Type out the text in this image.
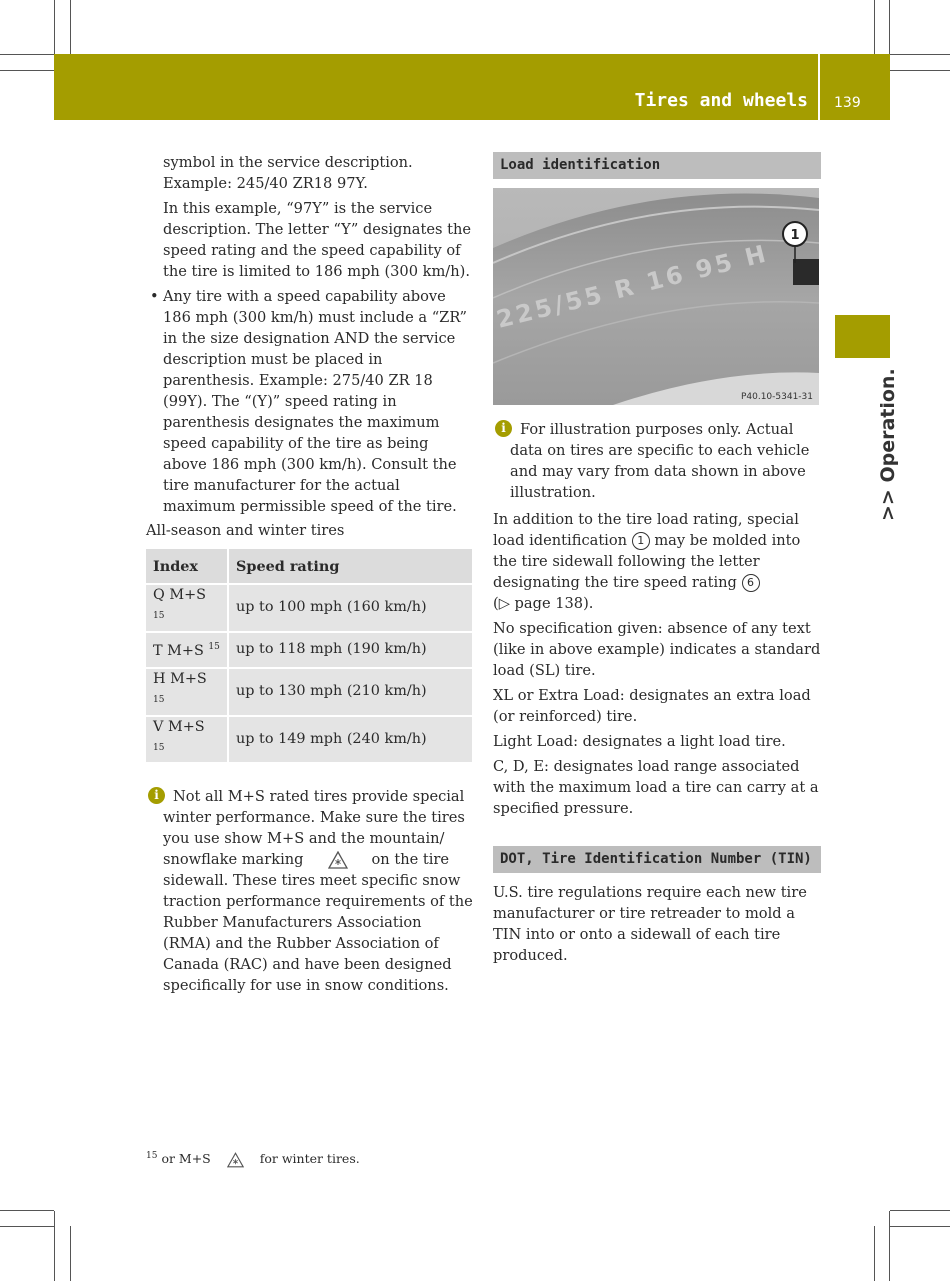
Tires and wheels 139
>> Operation.

symbol in the service description.

Example: 245/40 ZR18 97Y.

In this example, “97Y” is the service description. The letter “Y” designates the speed rating and the speed capability of the tire is limited to 186 mph (300 km/h).

• Any tire with a speed capability above 186 mph (300 km/h) must include a “ZR” in the size designation AND the service description must be placed in parenthesis. Example: 275/40 ZR 18 (99Y). The “(Y)” speed rating in parenthesis designates the maximum speed capability of the tire as being above 186 mph (300 km/h). Consult the tire manufacturer for the actual maximum permissible speed of the tire.

All-season and winter tires

Index	Speed rating
Q M+S $^{15}$	up to 100 mph (160 km/h)
T M+S $^{15}$	up to 118 mph (190 km/h)
H M+S $^{15}$	up to 130 mph (210 km/h)
V M+S $^{15}$	up to 149 mph (240 km/h)
i Not all M+S rated tires provide special winter performance. Make sure the tires you use show M+S and the mountain/ snowflake marking	on the tire sidewall. These tires meet specific snow traction performance requirements of the Rubber Manufacturers Association (RMA) and the Rubber Association of Canada (RAC) and have been designed specifically for use in snow conditions.

Load identification
225/55 R 16 95 H
1
P40.10-5341-31
i For illustration purposes only. Actual data on tires are specific to each vehicle and may vary from data shown in above illustration.

In addition to the tire load rating, special load identification 1 may be molded into the tire sidewall following the letter designating the tire speed rating 6
(▷ page 138).

No specification given: absence of any text (like in above example) indicates a standard load (SL) tire.

XL or Extra Load: designates an extra load (or reinforced) tire.

Light Load: designates a light load tire.

C, D, E: designates load range associated with the maximum load a tire can carry at a specified pressure.

DOT, Tire Identification Number (TIN)

U.S. tire regulations require each new tire manufacturer or tire retreader to mold a TIN into or onto a sidewall of each tire produced.

$^{15}$ or M+S	for winter tires.
